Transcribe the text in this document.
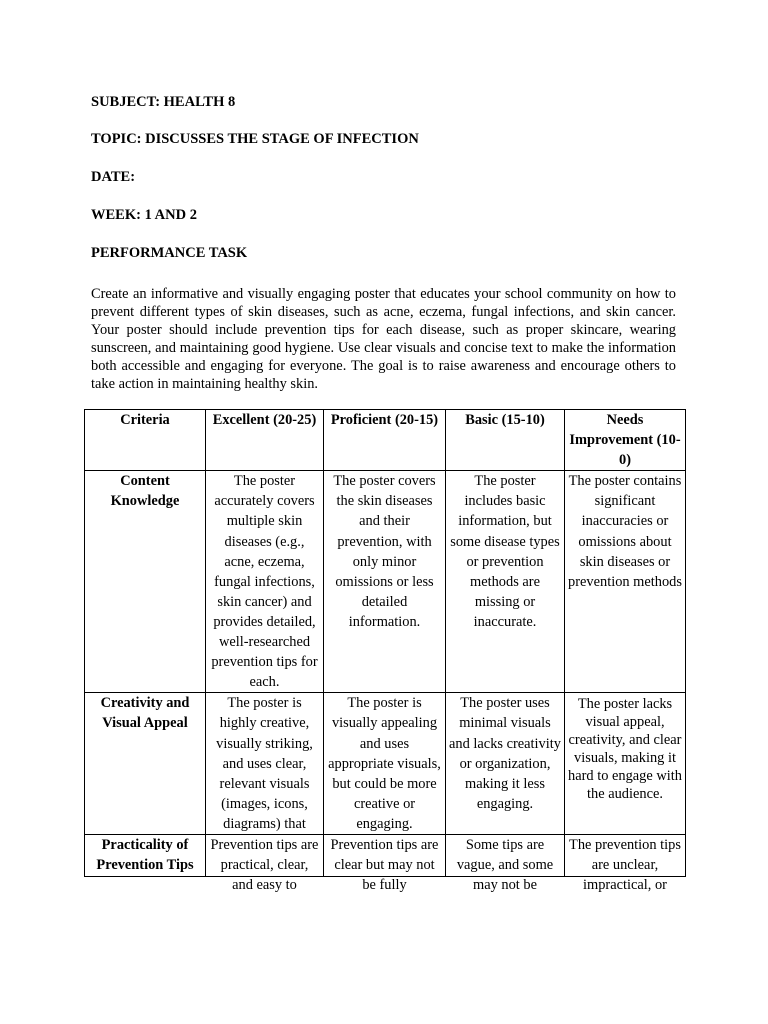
SUBJECT: HEALTH 8

TOPIC: DISCUSSES THE STAGE OF INFECTION

DATE:

WEEK: 1 AND 2

PERFORMANCE TASK

Create an informative and visually engaging poster that educates your school community on how to prevent different types of skin diseases, such as acne, eczema, fungal infections, and skin cancer. Your poster should include prevention tips for each disease, such as proper skincare, wearing sunscreen, and maintaining good hygiene. Use clear visuals and concise text to make the information both accessible and engaging for everyone. The goal is to raise awareness and encourage others to take action in maintaining healthy skin.

Criteria	Excellent (20-25)	Proficient (20-15)	Basic (15-10)	Needs Improvement (10-0)
Content Knowledge	The poster accurately covers multiple skin diseases (e.g., acne, eczema, fungal infections, skin cancer) and provides detailed, well-researched prevention tips for each.	The poster covers the skin diseases and their prevention, with only minor omissions or less detailed information.	The poster includes basic information, but some disease types or prevention methods are missing or inaccurate.	The poster contains significant inaccuracies or omissions about skin diseases or prevention methods
Creativity and Visual Appeal	The poster is highly creative, visually striking, and uses clear, relevant visuals (images, icons, diagrams) that	The poster is visually appealing and uses appropriate visuals, but could be more creative or engaging.	The poster uses minimal visuals and lacks creativity or organization, making it less engaging.	The poster lacks visual appeal, creativity, and clear visuals, making it hard to engage with the audience.

Practicality of Prevention Tips	Prevention tips are practical, clear, and easy to	Prevention tips are clear but may not be fully	Some tips are vague, and some may not be	The prevention tips are unclear, impractical, or
